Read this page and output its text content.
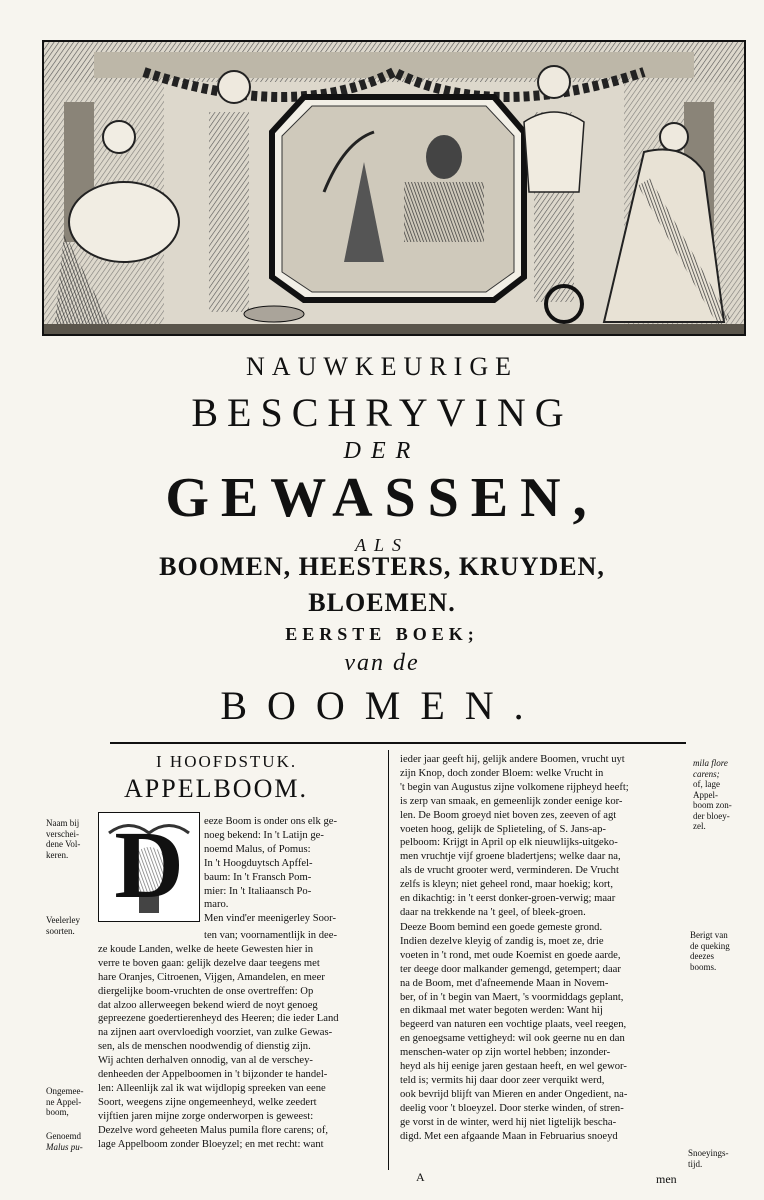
NAUWKEURIGE
BESCHRYVING
DER
GEWASSEN,
ALS
BOOMEN, HEESTERS, KRUYDEN,
BLOEMEN.
EERSTE BOEK;
van de
BOOMEN.
I HOOFDSTUK.
APPELBOOM.
D	eeze Boom is onder ons elk ge-
noeg bekend: In 't Latijn ge-
noemd Malus, of Pomus:
In 't Hoogduytsch Apffel-
baum: In 't Fransch Pom-
mier: In 't Italiaansch Po-
maro.
Men vind'er meenigerley Soor-
ten van; voornamentlijk in dee-
ze koude Landen, welke de heete Gewesten hier in
verre te boven gaan: gelijk dezelve daar teegens met
hare Oranjes, Citroenen, Vijgen, Amandelen, en meer
diergelijke boom-vruchten de onse overtreffen: Op
dat alzoo allerweegen bekend wierd de noyt genoeg
gepreezene goedertierenheyd des Heeren; die ieder Land
na zijnen aart overvloedigh voorziet, van zulke Gewas-
sen, als de menschen noodwendig of dienstig zijn.
Wij achten derhalven onnodig, van al de verschey-
denheeden der Appelboomen in 't bijzonder te handel-
len: Alleenlijk zal ik wat wijdlopig spreeken van eene
Soort, weegens zijne ongemeenheyd, welke zeedert
vijftien jaren mijne zorge onderworpen is geweest:
Dezelve word geheeten Malus pumila flore carens; of,
lage Appelboom zonder Bloeyzel; en met recht: want
Naam bij
verschei-
dene Vol-
keren.
Veelerley
soorten.
Ongemee-
ne Appel-
boom,
Genoemd
Malus pu-
ieder jaar geeft hij, gelijk andere Boomen, vrucht uyt
zijn Knop, doch zonder Bloem: welke Vrucht in
't begin van Augustus zijne volkomene rijpheyd heeft;
is zerp van smaak, en gemeenlijk zonder eenige kor-
len. De Boom groeyd niet boven zes, zeeven of agt
voeten hoog, gelijk de Splieteling, of S. Jans-ap-
pelboom: Krijgt in April op elk nieuwlijks-uitgeko-
men vruchtje vijf groene bladertjens; welke daar na,
als de vrucht grooter werd, verminderen. De Vrucht
zelfs is kleyn; niet geheel rond, maar hoekig; kort,
en dikachtig: in 't eerst donker-groen-verwig; maar
daar na trekkende na 't geel, of bleek-groen.
Deeze Boom bemind een goede gemeste grond.
Indien dezelve kleyig of zandig is, moet ze, drie
voeten in 't rond, met oude Koemist en goede aarde,
ter deege door malkander gemengd, getempert; daar
na de Boom, met d'afneemende Maan in Novem-
ber, of in 't begin van Maert, 's voormiddags geplant,
en dikmaal met water begoten werden: Want hij
begeerd van naturen een vochtige plaats, veel reegen,
en genoegsame vettigheyd: wil ook geerne nu en dan
menschen-water op zijn wortel hebben; inzonder-
heyd als hij eenige jaren gestaan heeft, en wel gewor-
teld is; vermits hij daar door zeer verquikt werd,
ook bevrijd blijft van Mieren en ander Ongedient, na-
deelig voor 't bloeyzel. Door sterke winden, of stren-
ge vorst in de winter, werd hij niet ligtelijk bescha-
digd. Met een afgaande Maan in Februarius snoeyd
mila flore
carens;
of, lage
Appel-
boom zon-
der bloey-
zel.
Berigt van
de queking
deezes
booms.
Snoeyings-
tijd.
A	men
